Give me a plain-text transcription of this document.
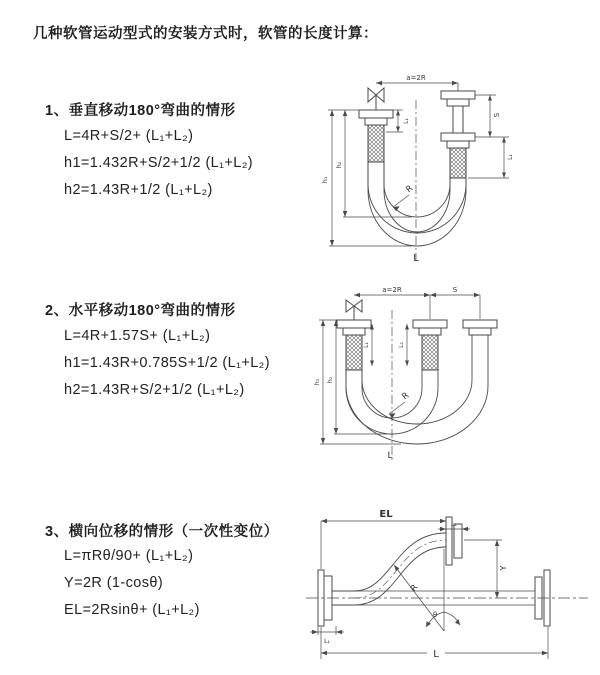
几种软管运动型式的安装方式时，软管的长度计算：
1、垂直移动180°弯曲的情形
L=4R+S/2+ (L₁+L₂)
h1=1.432R+S/2+1/2 (L₁+L₂)
h2=1.43R+1/2 (L₁+L₂)
a=2R
h₁
h₂
L₁
S
L₁
R
L
2、水平移动180°弯曲的情形
L=4R+1.57S+ (L₁+L₂)
h1=1.43R+0.785S+1/2 (L₁+L₂)
h2=1.43R+S/2+1/2 (L₁+L₂)
a=2R	S
h₁ h₂
L₁	L₂
R
L
3、横向位移的情形（一次性变位）
L=πRθ/90+ (L₁+L₂)
Y=2R (1-cosθ)
EL=2Rsinθ+ (L₁+L₂)
EL
L₂
Y
R
θ
L
L₁
